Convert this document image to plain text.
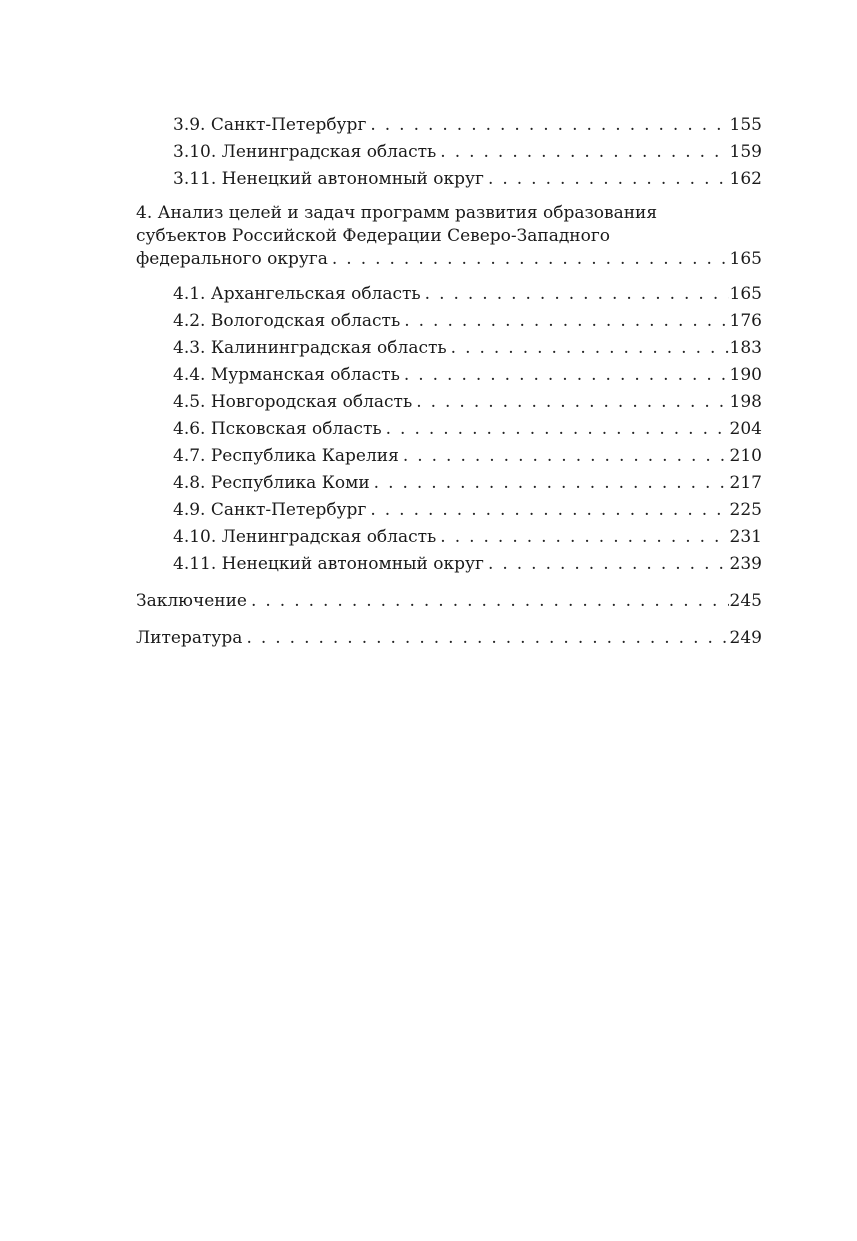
3.9. Санкт-Петербург . . .	155
3.10. Ленинградская область . . .	159
3.11. Ненецкий автономный округ . . .	162
4. Анализ целей и задач программ развития образования
субъектов Российской Федерации Северо-Западного
федерального округа . . .	165
4.1. Архангельская область . . .	165
4.2. Вологодская область . . .	176
4.3. Калининградская область . . .	183
4.4. Мурманская область . . .	190
4.5. Новгородская область . . .	198
4.6. Псковская область . . .	204
4.7. Республика Карелия . . .	210
4.8. Республика Коми . . .	217
4.9. Санкт-Петербург . . .	225
4.10. Ленинградская область . . .	231
4.11. Ненецкий автономный округ . . .	239
Заключение . . .	245
Литература . . .	249
